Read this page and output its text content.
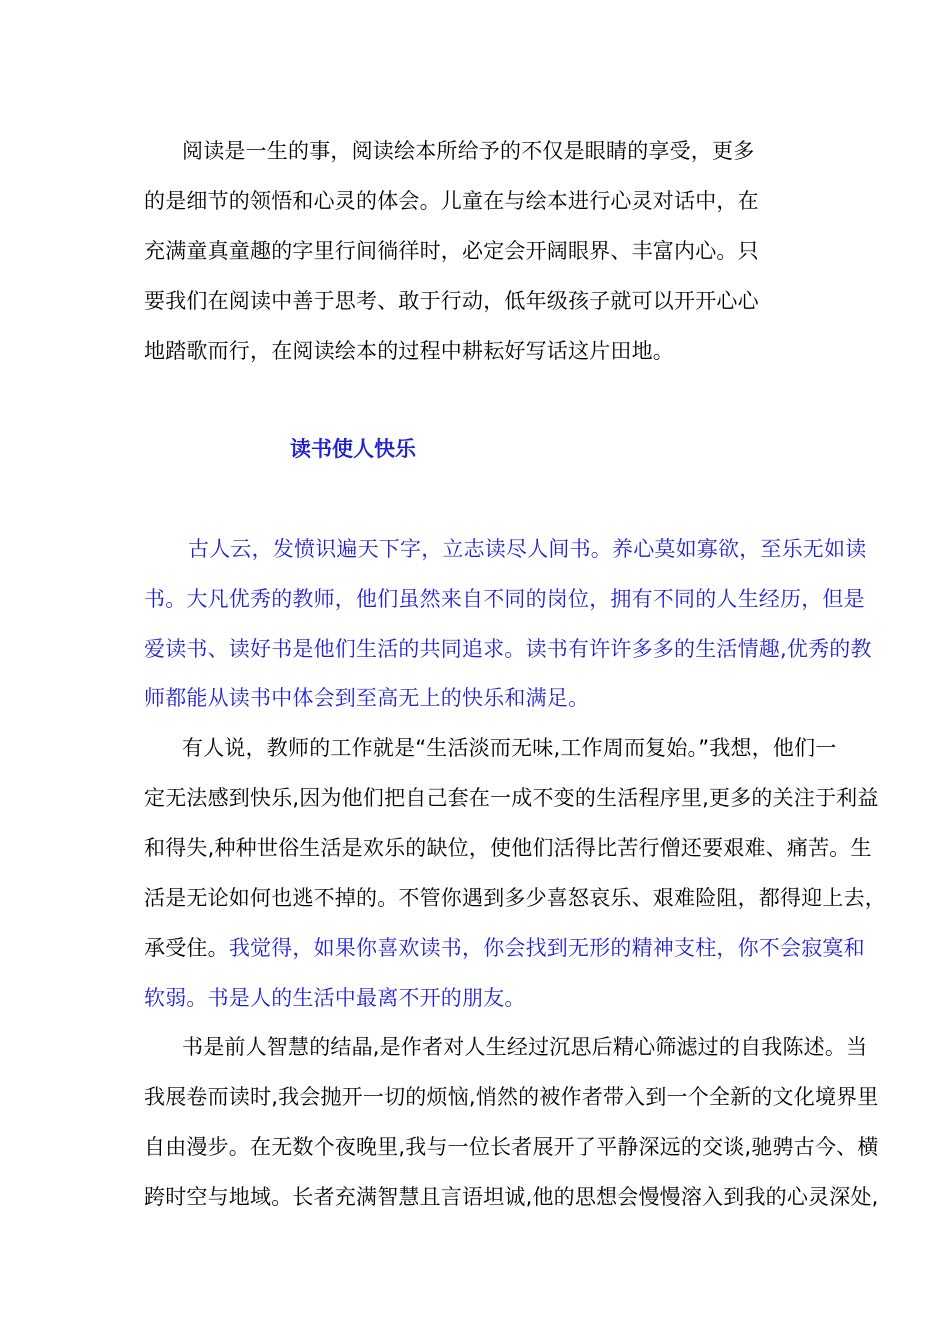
阅读是一生的事，阅读绘本所给予的不仅是眼睛的享受，更多
的是细节的领悟和心灵的体会。儿童在与绘本进行心灵对话中，在
充满童真童趣的字里行间徜徉时，必定会开阔眼界、丰富内心。只
要我们在阅读中善于思考、敢于行动，低年级孩子就可以开开心心
地踏歌而行，在阅读绘本的过程中耕耘好写话这片田地。
读书使人快乐
古人云，发愤识遍天下字，立志读尽人间书。养心莫如寡欲，至乐无如读
书。大凡优秀的教师，他们虽然来自不同的岗位，拥有不同的人生经历，但是
爱读书、读好书是他们生活的共同追求。读书有许许多多的生活情趣,优秀的教
师都能从读书中体会到至高无上的快乐和满足。
有人说，教师的工作就是“生活淡而无味,工作周而复始。”我想，他们一
定无法感到快乐,因为他们把自己套在一成不变的生活程序里,更多的关注于利益
和得失,种种世俗生活是欢乐的缺位，使他们活得比苦行僧还要艰难、痛苦。生
活是无论如何也逃不掉的。不管你遇到多少喜怒哀乐、艰难险阻，都得迎上去，
承受住。我觉得，如果你喜欢读书，你会找到无形的精神支柱，你不会寂寞和
软弱。书是人的生活中最离不开的朋友。
书是前人智慧的结晶,是作者对人生经过沉思后精心筛滤过的自我陈述。当
我展卷而读时,我会抛开一切的烦恼,悄然的被作者带入到一个全新的文化境界里
自由漫步。在无数个夜晚里,我与一位长者展开了平静深远的交谈,驰骋古今、横
跨时空与地域。长者充满智慧且言语坦诚,他的思想会慢慢溶入到我的心灵深处,
